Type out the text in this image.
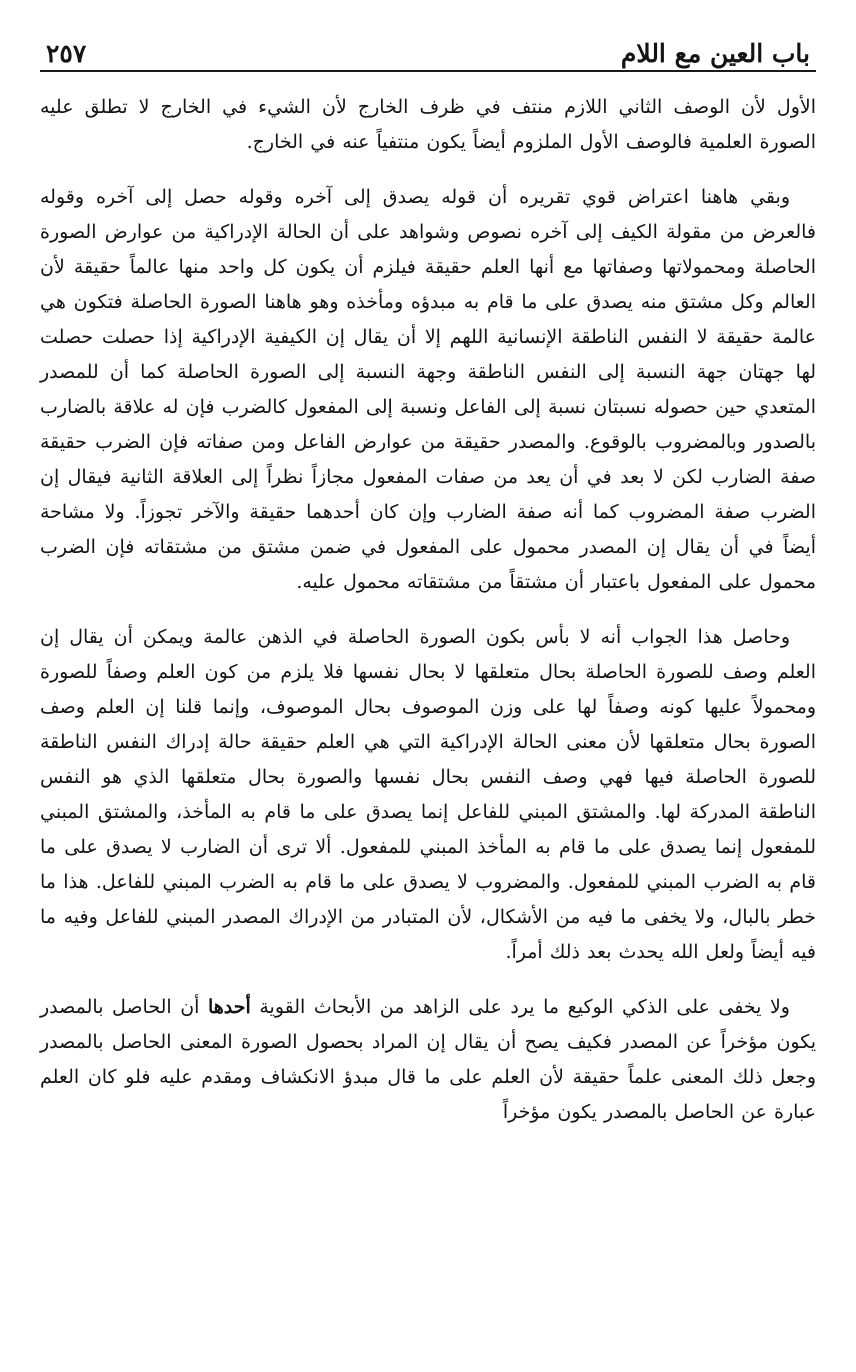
باب العين مع اللام
٢٥٧

الأول لأن الوصف الثاني اللازم منتف في ظرف الخارج لأن الشيء في الخارج لا تطلق عليه الصورة العلمية فالوصف الأول الملزوم أيضاً يكون منتفياً عنه في الخارج.

وبقي هاهنا اعتراض قوي تقريره أن قوله يصدق إلى آخره وقوله حصل إلى آخره وقوله فالعرض من مقولة الكيف إلى آخره نصوص وشواهد على أن الحالة الإدراكية من عوارض الصورة الحاصلة ومحمولاتها وصفاتها مع أنها العلم حقيقة فيلزم أن يكون كل واحد منها عالماً حقيقة لأن العالم وكل مشتق منه يصدق على ما قام به مبدؤه ومأخذه وهو هاهنا الصورة الحاصلة فتكون هي عالمة حقيقة لا النفس الناطقة الإنسانية اللهم إلا أن يقال إن الكيفية الإدراكية إذا حصلت حصلت لها جهتان جهة النسبة إلى النفس الناطقة وجهة النسبة إلى الصورة الحاصلة كما أن للمصدر المتعدي حين حصوله نسبتان نسبة إلى الفاعل ونسبة إلى المفعول كالضرب فإن له علاقة بالضارب بالصدور وبالمضروب بالوقوع. والمصدر حقيقة من عوارض الفاعل ومن صفاته فإن الضرب حقيقة صفة الضارب لكن لا بعد في أن يعد من صفات المفعول مجازاً نظراً إلى العلاقة الثانية فيقال إن الضرب صفة المضروب كما أنه صفة الضارب وإن كان أحدهما حقيقة والآخر تجوزاً. ولا مشاحة أيضاً في أن يقال إن المصدر محمول على المفعول في ضمن مشتق من مشتقاته فإن الضرب محمول على المفعول باعتبار أن مشتقاً من مشتقاته محمول عليه.

وحاصل هذا الجواب أنه لا بأس بكون الصورة الحاصلة في الذهن عالمة ويمكن أن يقال إن العلم وصف للصورة الحاصلة بحال متعلقها لا بحال نفسها فلا يلزم من كون العلم وصفاً للصورة ومحمولاً عليها كونه وصفاً لها على وزن الموصوف بحال الموصوف، وإنما قلنا إن العلم وصف الصورة بحال متعلقها لأن معنى الحالة الإدراكية التي هي العلم حقيقة حالة إدراك النفس الناطقة للصورة الحاصلة فيها فهي وصف النفس بحال نفسها والصورة بحال متعلقها الذي هو النفس الناطقة المدركة لها. والمشتق المبني للفاعل إنما يصدق على ما قام به المأخذ، والمشتق المبني للمفعول إنما يصدق على ما قام به المأخذ المبني للمفعول. ألا ترى أن الضارب لا يصدق على ما قام به الضرب المبني للمفعول. والمضروب لا يصدق على ما قام به الضرب المبني للفاعل. هذا ما خطر بالبال، ولا يخفى ما فيه من الأشكال، لأن المتبادر من الإدراك المصدر المبني للفاعل وفيه ما فيه أيضاً ولعل الله يحدث بعد ذلك أمراً.

ولا يخفى على الذكي الوكيع ما يرد على الزاهد من الأبحاث القوية أحدها أن الحاصل بالمصدر يكون مؤخراً عن المصدر فكيف يصح أن يقال إن المراد بحصول الصورة المعنى الحاصل بالمصدر وجعل ذلك المعنى علماً حقيقة لأن العلم على ما قال مبدؤ الانكشاف ومقدم عليه فلو كان العلم عبارة عن الحاصل بالمصدر يكون مؤخراً
